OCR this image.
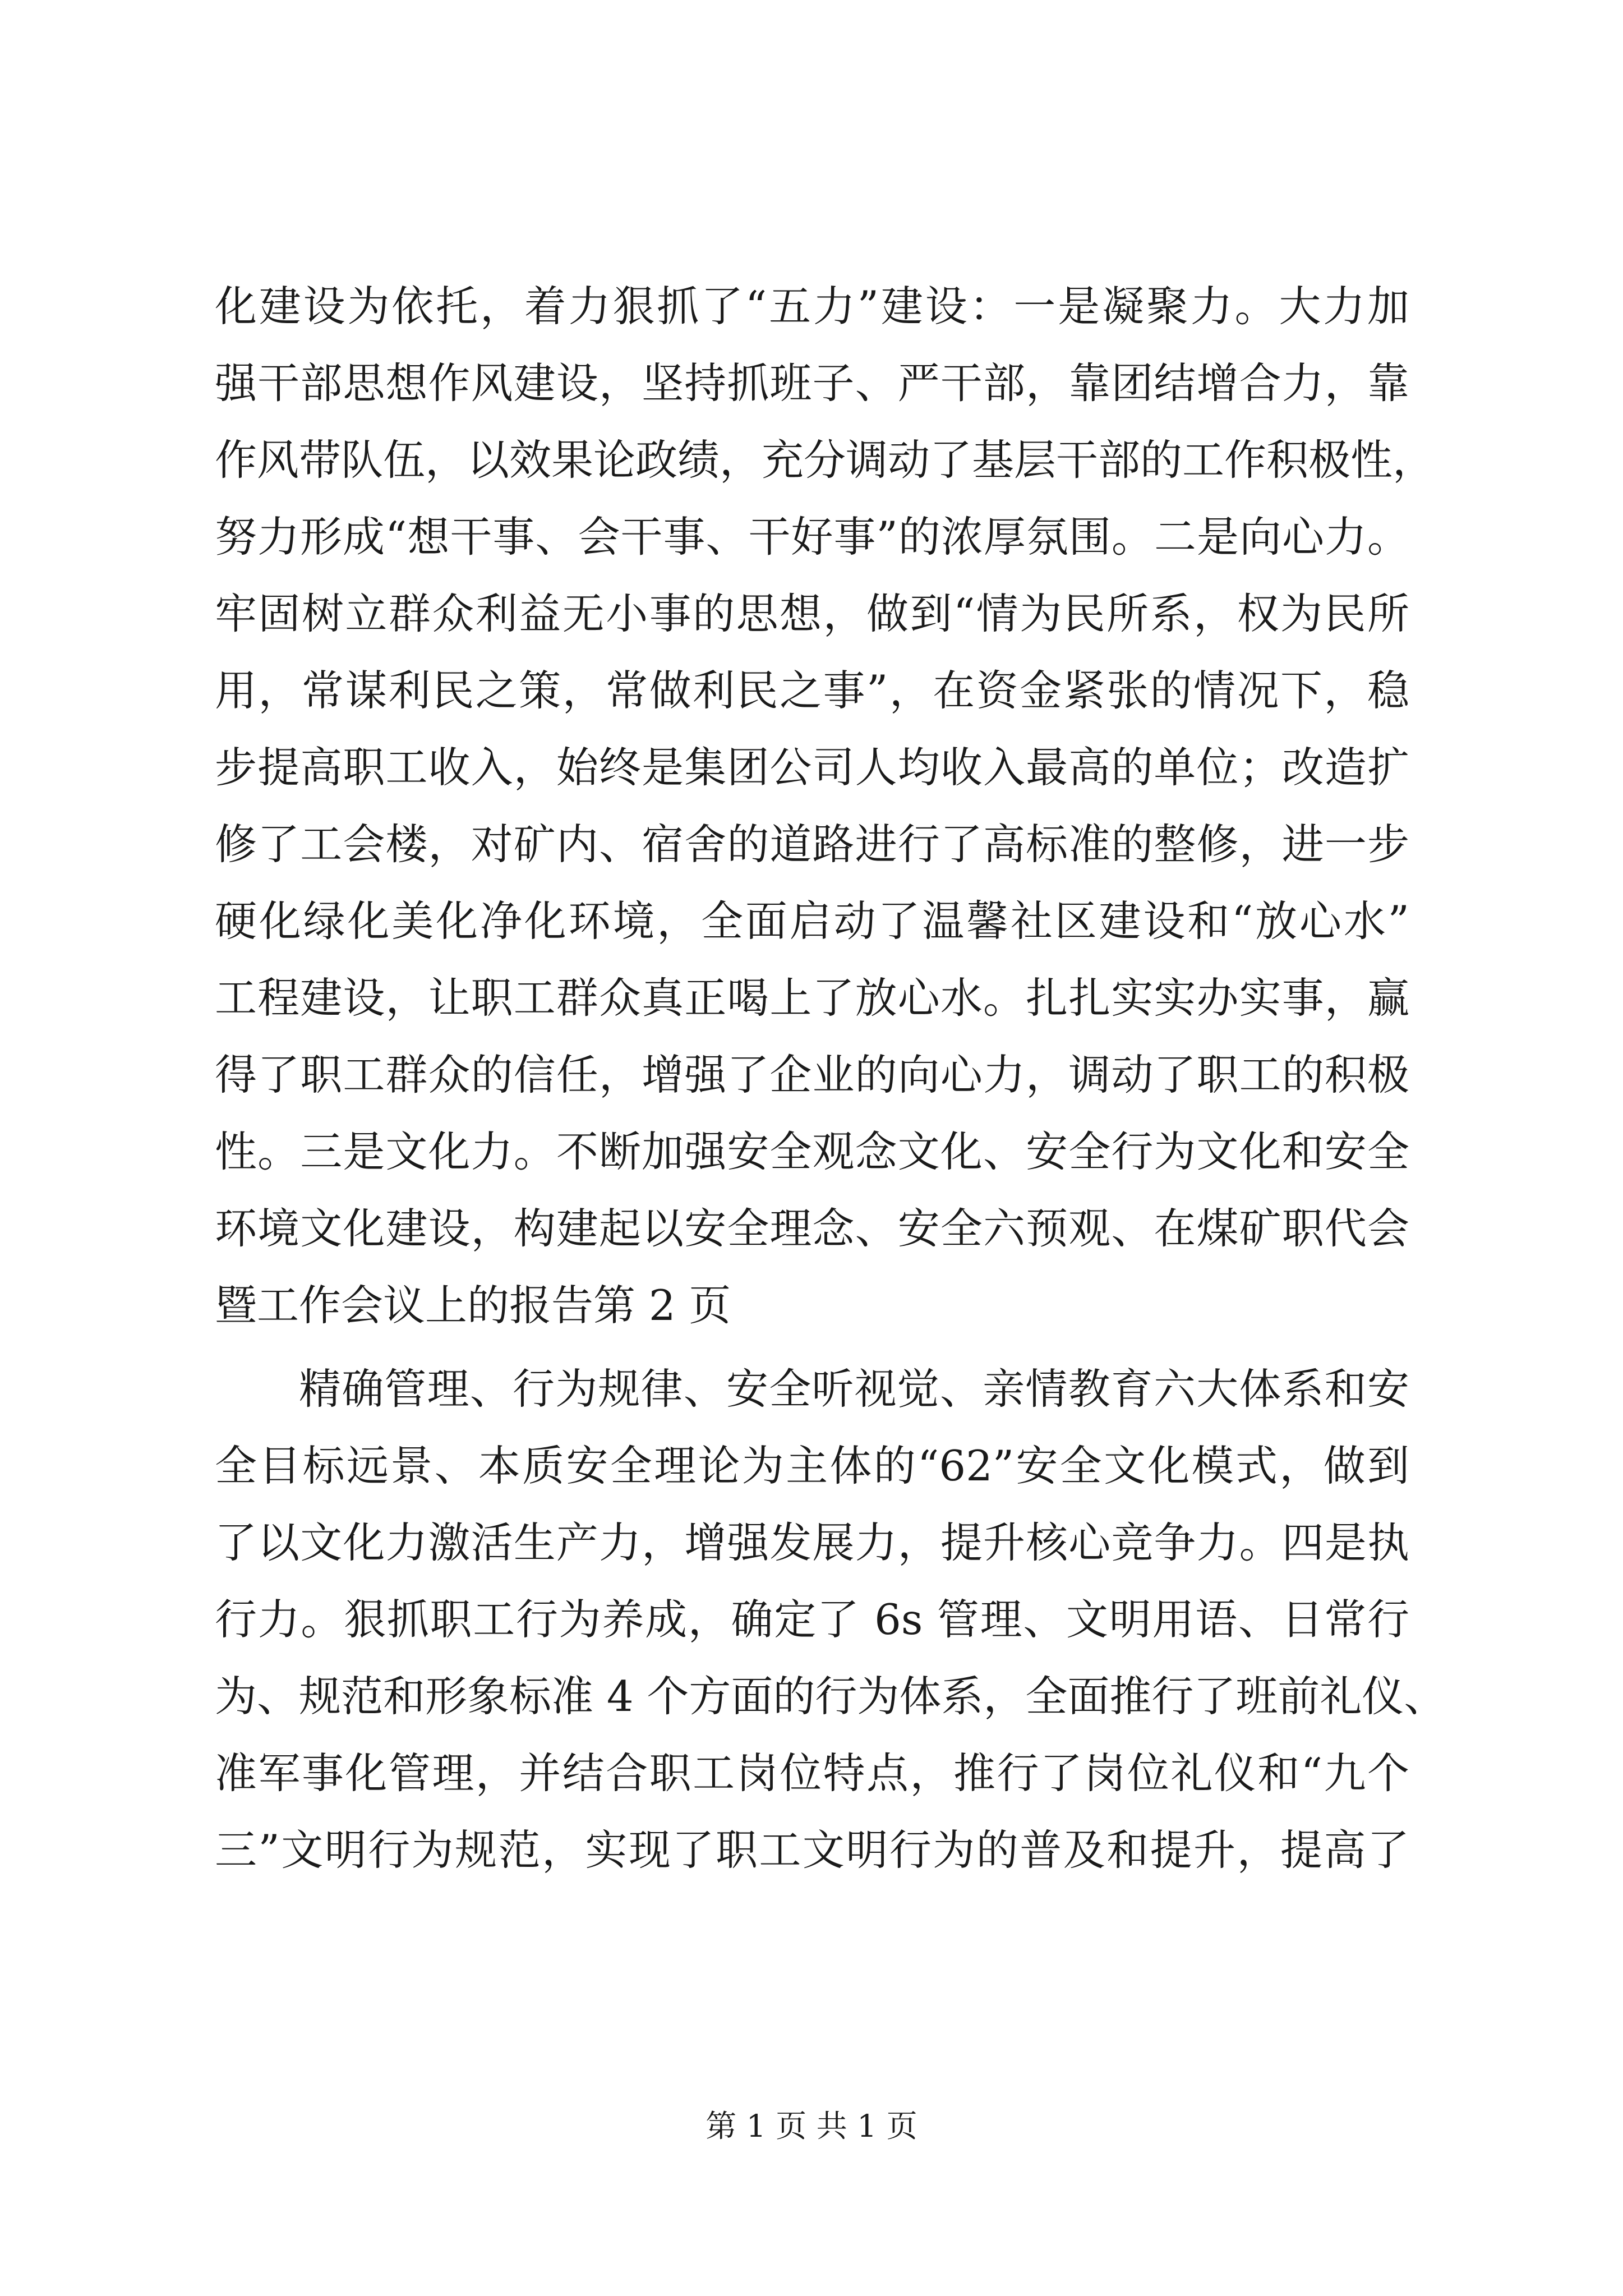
化建设为依托，着力狠抓了“五力”建设：一是凝聚力。大力加
强干部思想作风建设，坚持抓班子、严干部，靠团结增合力，靠
作风带队伍，以效果论政绩，充分调动了基层干部的工作积极性，
努力形成“想干事、会干事、干好事”的浓厚氛围。二是向心力。
牢固树立群众利益无小事的思想，做到“情为民所系，权为民所
用，常谋利民之策，常做利民之事”，在资金紧张的情况下，稳
步提高职工收入，始终是集团公司人均收入最高的单位；改造扩
修了工会楼，对矿内、宿舍的道路进行了高标准的整修，进一步
硬化绿化美化净化环境，全面启动了温馨社区建设和“放心水”
工程建设，让职工群众真正喝上了放心水。扎扎实实办实事，赢
得了职工群众的信任，增强了企业的向心力，调动了职工的积极
性。三是文化力。不断加强安全观念文化、安全行为文化和安全
环境文化建设，构建起以安全理念、安全六预观、在煤矿职代会
暨工作会议上的报告第 2 页
精确管理、行为规律、安全听视觉、亲情教育六大体系和安
全目标远景、本质安全理论为主体的“62”安全文化模式，做到
了以文化力激活生产力，增强发展力，提升核心竞争力。四是执
行力。狠抓职工行为养成，确定了 6s 管理、文明用语、日常行
为、规范和形象标准 4 个方面的行为体系，全面推行了班前礼仪、
准军事化管理，并结合职工岗位特点，推行了岗位礼仪和“九个
三”文明行为规范，实现了职工文明行为的普及和提升，提高了
第 1 页 共 1 页
